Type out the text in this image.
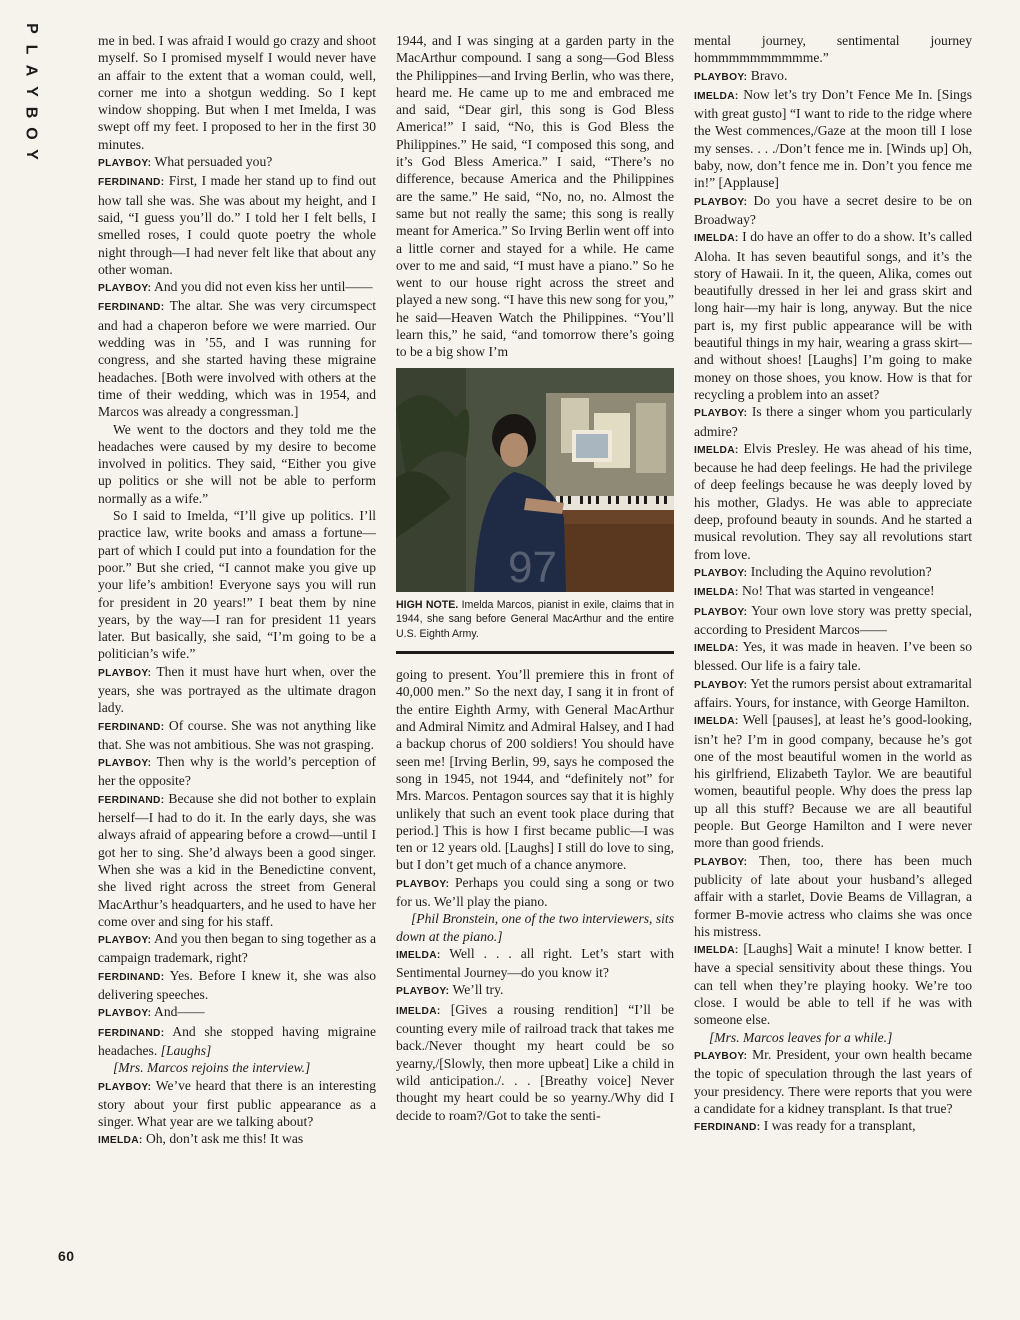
P
L
A
Y
B
O
Y

me in bed. I was afraid I would go crazy and shoot myself. So I promised myself I would never have an affair to the extent that a woman could, well, corner me into a shotgun wedding. So I kept window shopping. But when I met Imelda, I was swept off my feet. I proposed to her in the first 30 minutes.

PLAYBOY: What persuaded you?

FERDINAND: First, I made her stand up to find out how tall she was. She was about my height, and I said, “I guess you’ll do.” I told her I felt bells, I smelled roses, I could quote poetry the whole night through—I had never felt like that about any other woman.

PLAYBOY: And you did not even kiss her until——

FERDINAND: The altar. She was very circumspect and had a chaperon before we were married. Our wedding was in ’55, and I was running for congress, and she started having these migraine headaches. [Both were involved with others at the time of their wedding, which was in 1954, and Marcos was already a congressman.]

We went to the doctors and they told me the headaches were caused by my desire to become involved in politics. They said, “Either you give up politics or she will not be able to perform normally as a wife.”

So I said to Imelda, “I’ll give up politics. I’ll practice law, write books and amass a fortune—part of which I could put into a foundation for the poor.” But she cried, “I cannot make you give up your life’s ambition! Everyone says you will run for president in 20 years!” I beat them by nine years, by the way—I ran for president 11 years later. But basically, she said, “I’m going to be a politician’s wife.”

PLAYBOY: Then it must have hurt when, over the years, she was portrayed as the ultimate dragon lady.

FERDINAND: Of course. She was not anything like that. She was not ambitious. She was not grasping.

PLAYBOY: Then why is the world’s perception of her the opposite?

FERDINAND: Because she did not bother to explain herself—I had to do it. In the early days, she was always afraid of appearing before a crowd—until I got her to sing. She’d always been a good singer. When she was a kid in the Benedictine convent, she lived right across the street from General MacArthur’s headquarters, and he used to have her come over and sing for his staff.

PLAYBOY: And you then began to sing together as a campaign trademark, right?

FERDINAND: Yes. Before I knew it, she was also delivering speeches.

PLAYBOY: And——

FERDINAND: And she stopped having migraine headaches. [Laughs]

[Mrs. Marcos rejoins the interview.]

PLAYBOY: We’ve heard that there is an interesting story about your first public appearance as a singer. What year are we talking about?

IMELDA: Oh, don’t ask me this! It was

1944, and I was singing at a garden party in the MacArthur compound. I sang a song—God Bless the Philippines—and Irving Berlin, who was there, heard me. He came up to me and embraced me and said, “Dear girl, this song is God Bless America!” I said, “No, this is God Bless the Philippines.” He said, “I composed this song, and it’s God Bless America.” I said, “There’s no difference, because America and the Philippines are the same.” He said, “No, no, no. Almost the same but not really the same; this song is really meant for America.” So Irving Berlin went off into a little corner and stayed for a while. He came over to me and said, “I must have a piano.” So he went to our house right across the street and played a new song. “I have this new song for you,” he said—Heaven Watch the Philippines. “You’ll learn this,” he said, “and tomorrow there’s going to be a big show I’m

97
HIGH NOTE. Imelda Marcos, pianist in exile, claims that in 1944, she sang before General MacArthur and the entire U.S. Eighth Army.

going to present. You’ll premiere this in front of 40,000 men.” So the next day, I sang it in front of the entire Eighth Army, with General MacArthur and Admiral Nimitz and Admiral Halsey, and I had a backup chorus of 200 soldiers! You should have seen me! [Irving Berlin, 99, says he composed the song in 1945, not 1944, and “definitely not” for Mrs. Marcos. Pentagon sources say that it is highly unlikely that such an event took place during that period.] This is how I first became public—I was ten or 12 years old. [Laughs] I still do love to sing, but I don’t get much of a chance anymore.

PLAYBOY: Perhaps you could sing a song or two for us. We’ll play the piano.

[Phil Bronstein, one of the two interviewers, sits down at the piano.]

IMELDA: Well . . . all right. Let’s start with Sentimental Journey—do you know it?

PLAYBOY: We’ll try.

IMELDA: [Gives a rousing rendition] “I’ll be counting every mile of railroad track that takes me back./Never thought my heart could be so yearny,/[Slowly, then more upbeat] Like a child in wild anticipation./. . . [Breathy voice] Never thought my heart could be so yearny./Why did I decide to roam?/Got to take the senti-

mental journey, sentimental journey hommmmmmmmmme.”

PLAYBOY: Bravo.

IMELDA: Now let’s try Don’t Fence Me In. [Sings with great gusto] “I want to ride to the ridge where the West commences,/Gaze at the moon till I lose my senses. . . ./Don’t fence me in. [Winds up] Oh, baby, now, don’t fence me in. Don’t you fence me in!” [Applause]

PLAYBOY: Do you have a secret desire to be on Broadway?

IMELDA: I do have an offer to do a show. It’s called Aloha. It has seven beautiful songs, and it’s the story of Hawaii. In it, the queen, Alika, comes out beautifully dressed in her lei and grass skirt and long hair—my hair is long, anyway. But the nice part is, my first public appearance will be with beautiful things in my hair, wearing a grass skirt—and without shoes! [Laughs] I’m going to make money on those shoes, you know. How is that for recycling a problem into an asset?

PLAYBOY: Is there a singer whom you particularly admire?

IMELDA: Elvis Presley. He was ahead of his time, because he had deep feelings. He had the privilege of deep feelings because he was deeply loved by his mother, Gladys. He was able to appreciate deep, profound beauty in sounds. And he started a musical revolution. They say all revolutions start from love.

PLAYBOY: Including the Aquino revolution?

IMELDA: No! That was started in vengeance!

PLAYBOY: Your own love story was pretty special, according to President Marcos——

IMELDA: Yes, it was made in heaven. I’ve been so blessed. Our life is a fairy tale.

PLAYBOY: Yet the rumors persist about extramarital affairs. Yours, for instance, with George Hamilton.

IMELDA: Well [pauses], at least he’s good-looking, isn’t he? I’m in good company, because he’s got one of the most beautiful women in the world as his girlfriend, Elizabeth Taylor. We are beautiful women, beautiful people. Why does the press lap up all this stuff? Because we are all beautiful people. But George Hamilton and I were never more than good friends.

PLAYBOY: Then, too, there has been much publicity of late about your husband’s alleged affair with a starlet, Dovie Beams de Villagran, a former B-movie actress who claims she was once his mistress.

IMELDA: [Laughs] Wait a minute! I know better. I have a special sensitivity about these things. You can tell when they’re playing hooky. We’re too close. I would be able to tell if he was with someone else.

[Mrs. Marcos leaves for a while.]

PLAYBOY: Mr. President, your own health became the topic of speculation through the last years of your presidency. There were reports that you were a candidate for a kidney transplant. Is that true?

FERDINAND: I was ready for a transplant,

60
